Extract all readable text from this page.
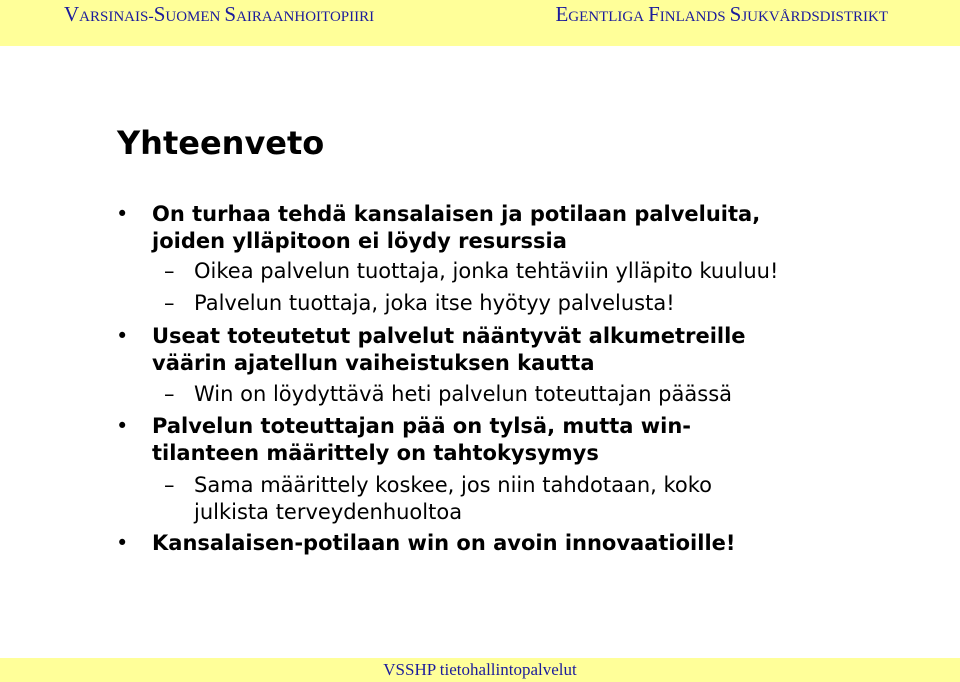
VARSINAIS-SUOMEN SAIRAANHOITOPIIRI	EGENTLIGA FINLANDS SJUKVÅRDSDISTRIKT
Yhteenveto
• On turhaa tehdä kansalaisen ja potilaan palveluita,
joiden ylläpitoon ei löydy resurssia
– Oikea palvelun tuottaja, jonka tehtäviin ylläpito kuuluu!
– Palvelun tuottaja, joka itse hyötyy palvelusta!
• Useat toteutetut palvelut nääntyvät alkumetreille
väärin ajatellun vaiheistuksen kautta
– Win on löydyttävä heti palvelun toteuttajan päässä
• Palvelun toteuttajan pää on tylsä, mutta win-
tilanteen määrittely on tahtokysymys
– Sama määrittely koskee, jos niin tahdotaan, koko
julkista terveydenhuoltoa
• Kansalaisen-potilaan win on avoin innovaatioille!
VSSHP tietohallintopalvelut
